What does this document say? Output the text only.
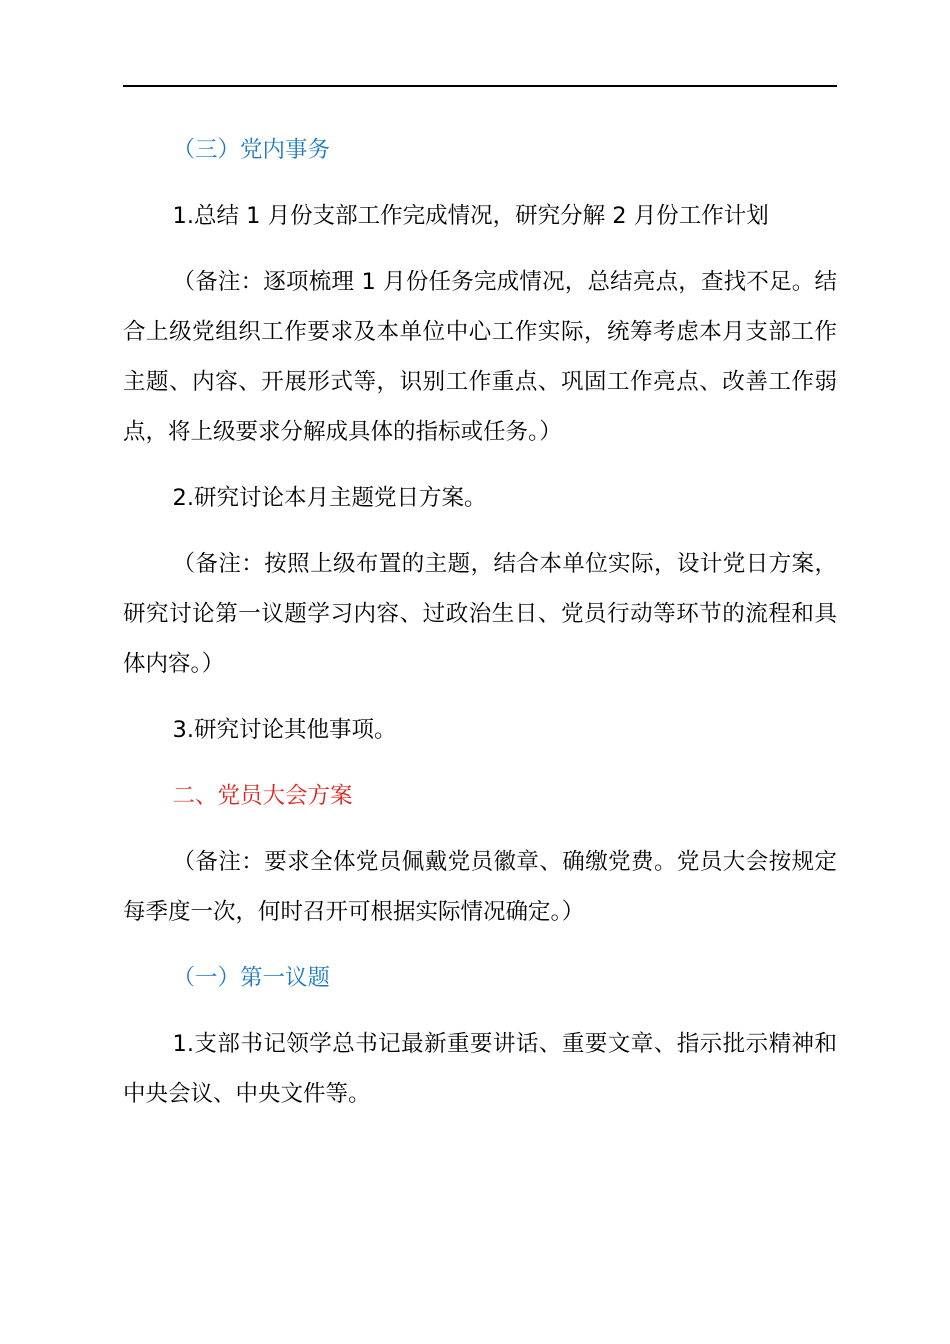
（三）党内事务

1.总结 1 月份支部工作完成情况，研究分解 2 月份工作计划

（备注：逐项梳理 1 月份任务完成情况，总结亮点，查找不足。结合上级党组织工作要求及本单位中心工作实际，统筹考虑本月支部工作主题、内容、开展形式等，识别工作重点、巩固工作亮点、改善工作弱点，将上级要求分解成具体的指标或任务。）

2.研究讨论本月主题党日方案。

（备注：按照上级布置的主题，结合本单位实际，设计党日方案，研究讨论第一议题学习内容、过政治生日、党员行动等环节的流程和具体内容。）

3.研究讨论其他事项。

二、党员大会方案

（备注：要求全体党员佩戴党员徽章、确缴党费。党员大会按规定每季度一次，何时召开可根据实际情况确定。）

（一）第一议题

1.支部书记领学总书记最新重要讲话、重要文章、指示批示精神和中央会议、中央文件等。
